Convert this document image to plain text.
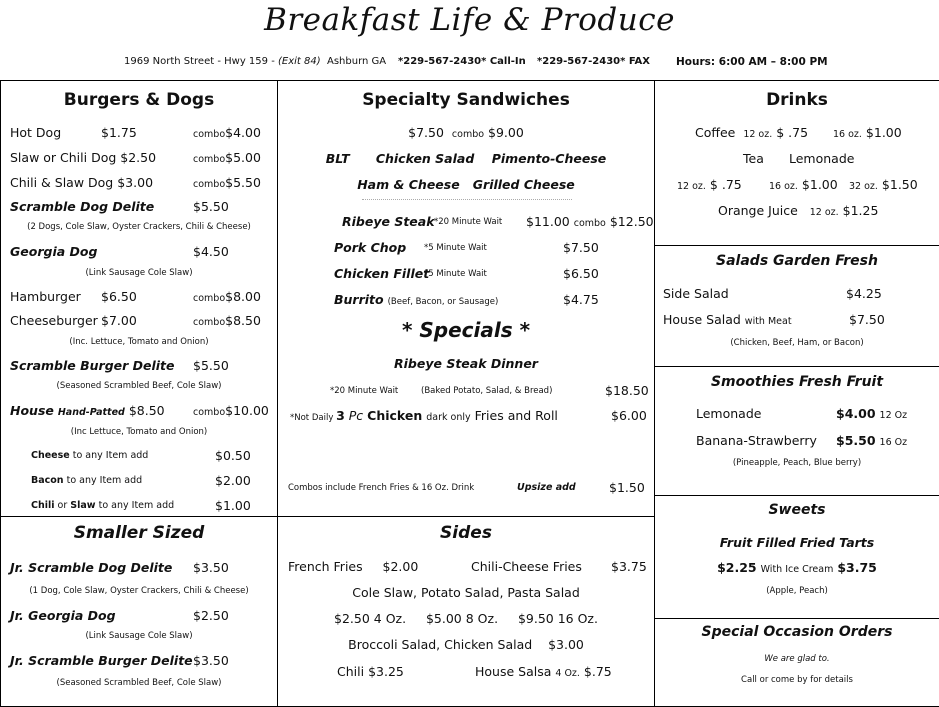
Breakfast Life & Produce
1969 North Street - Hwy 159 - (Exit 84) Ashburn GA *229-567-2430* Call-In *229-567-2430* FAX Hours: 6:00 AM – 8:00 PM
Burgers & Dogs
Hot Dog	$1.75	combo$4.00
Slaw or Chili Dog $2.50	combo$5.00
Chili & Slaw Dog $3.00	combo$5.50
Scramble Dog Delite	$5.50
(2 Dogs, Cole Slaw, Oyster Crackers, Chili & Cheese)
Georgia Dog	$4.50
(Link Sausage Cole Slaw)
Hamburger $6.50	combo$8.00
Cheeseburger $7.00	combo$8.50
(Inc. Lettuce, Tomato and Onion)
Scramble Burger Delite $5.50
(Seasoned Scrambled Beef, Cole Slaw)
House Hand-Patted $8.50	combo$10.00
(Inc Lettuce, Tomato and Onion)
Cheese to any Item add	$0.50
Bacon to any Item add	$2.00
Chili or Slaw to any Item add	$1.00
Specialty Sandwiches
$7.50 combo $9.00
BLT Chicken Salad Pimento-Cheese
Ham & Cheese Grilled Cheese
Ribeye Steak *20 Minute Wait $11.00 combo $12.50
Pork Chop *5 Minute Wait	$7.50
Chicken Fillet
*5 Minute Wait	$6.50
Burrito (Beef, Bacon, or Sausage)	$4.75
* Specials *
Ribeye Steak Dinner
*20 Minute Wait	(Baked Potato, Salad, & Bread)	$18.50
*Not Daily 3 Pc Chicken dark only Fries and Roll	$6.00
Combos include French Fries & 16 Oz. Drink	Upsize add	$1.50
Drinks
Coffee 12 oz. $ .75	16 oz. $1.00
Tea Lemonade
12 oz. $ .75	16 oz. $1.00 32 oz. $1.50
Orange Juice 12 oz. $1.25
Salads Garden Fresh
Side Salad	$4.25
House Salad with Meat	$7.50
(Chicken, Beef, Ham, or Bacon)
Smoothies Fresh Fruit
Lemonade	$4.00 12 Oz
Banana-Strawberry $5.50 16 Oz
(Pineapple, Peach, Blue berry)
Sweets
Fruit Filled Fried Tarts
$2.25 With Ice Cream $3.75
(Apple, Peach)
Special Occasion Orders
We are glad to.
Call or come by for details
Smaller Sized
Jr. Scramble Dog Delite $3.50
(1 Dog, Cole Slaw, Oyster Crackers, Chili & Cheese)
Jr. Georgia Dog	$2.50
(Link Sausage Cole Slaw)
Jr. Scramble Burger Delite $3.50
(Seasoned Scrambled Beef, Cole Slaw)
Sides
French Fries $2.00	Chili-Cheese Fries $3.75
Cole Slaw, Potato Salad, Pasta Salad
$2.50 4 Oz. $5.00 8 Oz. $9.50 16 Oz.
Broccoli Salad, Chicken Salad $3.00
Chili $3.25	House Salsa 4 Oz. $.75
